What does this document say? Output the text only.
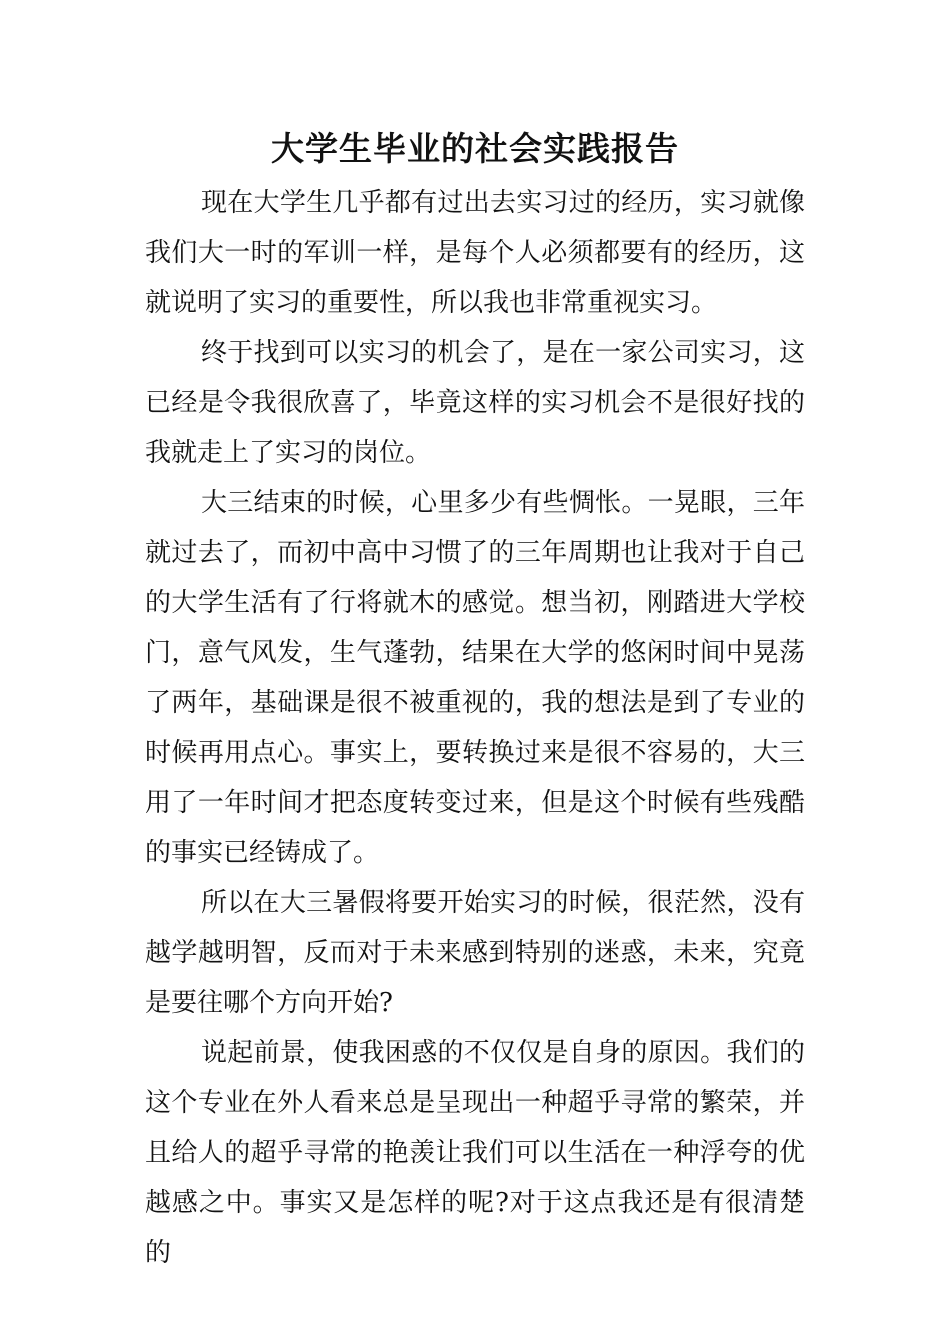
大学生毕业的社会实践报告

现在大学生几乎都有过出去实习过的经历，实习就像我们大一时的军训一样，是每个人必须都要有的经历，这就说明了实习的重要性，所以我也非常重视实习。

终于找到可以实习的机会了，是在一家公司实习，这已经是令我很欣喜了，毕竟这样的实习机会不是很好找的我就走上了实习的岗位。

大三结束的时候，心里多少有些惆怅。一晃眼，三年就过去了，而初中高中习惯了的三年周期也让我对于自己的大学生活有了行将就木的感觉。想当初，刚踏进大学校门，意气风发，生气蓬勃，结果在大学的悠闲时间中晃荡了两年，基础课是很不被重视的，我的想法是到了专业的时候再用点心。事实上，要转换过来是很不容易的，大三用了一年时间才把态度转变过来，但是这个时候有些残酷的事实已经铸成了。

所以在大三暑假将要开始实习的时候，很茫然，没有越学越明智，反而对于未来感到特别的迷惑，未来，究竟是要往哪个方向开始?

说起前景，使我困惑的不仅仅是自身的原因。我们的这个专业在外人看来总是呈现出一种超乎寻常的繁荣，并且给人的超乎寻常的艳羡让我们可以生活在一种浮夸的优越感之中。事实又是怎样的呢?对于这点我还是有很清楚的
